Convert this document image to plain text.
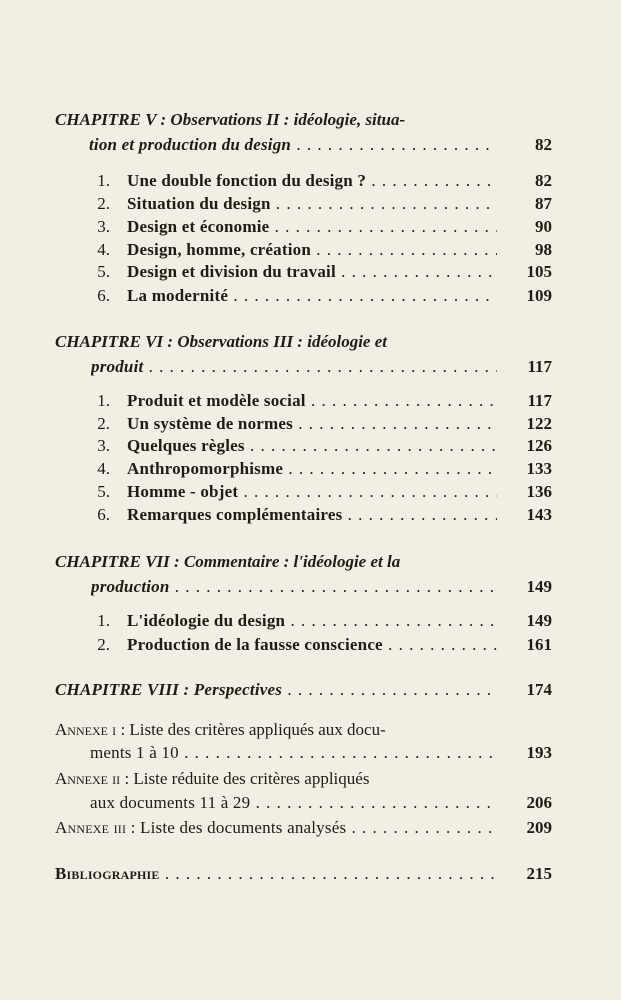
CHAPITRE V : Observations II : idéologie, situa-
tion et production du design . . .	82
1. Une double fonction du design ? . . .	82
2. Situation du design . . .	87
3. Design et économie . . .	90
4. Design, homme, création . . .	98
5. Design et division du travail . . .	105
6. La modernité . . .	109
CHAPITRE VI : Observations III : idéologie et
produit . . .	117
1. Produit et modèle social . . .	117
2. Un système de normes . . .	122
3. Quelques règles . . .	126
4. Anthropomorphisme . . .	133
5. Homme - objet . . .	136
6. Remarques complémentaires . . .	143
CHAPITRE VII : Commentaire : l'idéologie et la
production . . .	149
1. L'idéologie du design . . .	149
2. Production de la fausse conscience . . .	161
CHAPITRE VIII : Perspectives . . .	174
Annexe i : Liste des critères appliqués aux docu-
ments 1 à 10 . . .	193
Annexe ii : Liste réduite des critères appliqués
aux documents 11 à 29 . . .	206
Annexe iii : Liste des documents analysés . . .	209
Bibliographie . . .	215
